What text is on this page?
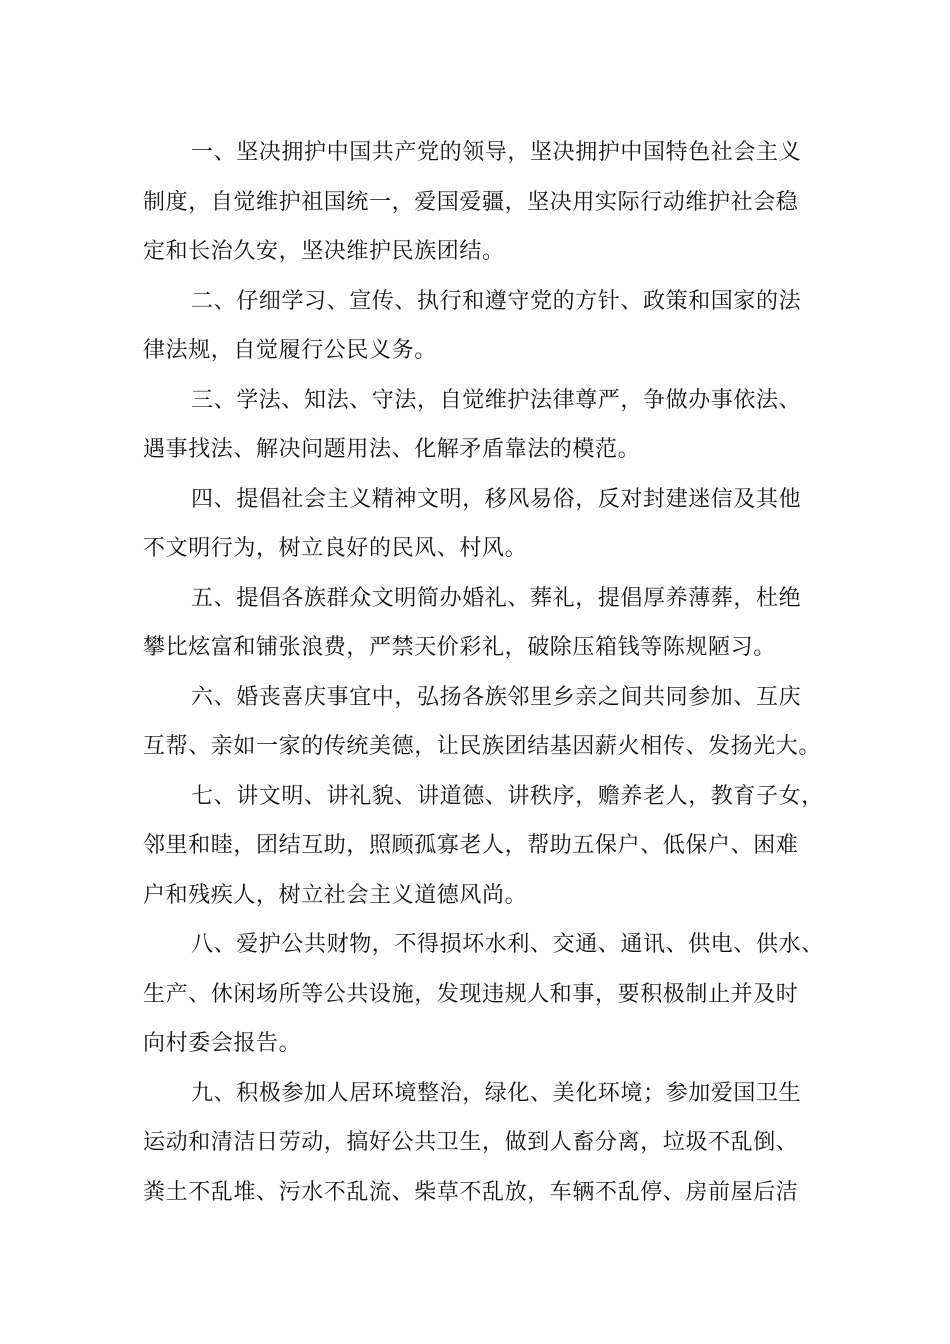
一、坚决拥护中国共产党的领导，坚决拥护中国特色社会主义
制度，自觉维护祖国统一，爱国爱疆，坚决用实际行动维护社会稳
定和长治久安，坚决维护民族团结。

二、仔细学习、宣传、执行和遵守党的方针、政策和国家的法
律法规，自觉履行公民义务。

三、学法、知法、守法，自觉维护法律尊严，争做办事依法、
遇事找法、解决问题用法、化解矛盾靠法的模范。

四、提倡社会主义精神文明，移风易俗，反对封建迷信及其他
不文明行为，树立良好的民风、村风。

五、提倡各族群众文明简办婚礼、葬礼，提倡厚养薄葬，杜绝
攀比炫富和铺张浪费，严禁天价彩礼，破除压箱钱等陈规陋习。

六、婚丧喜庆事宜中，弘扬各族邻里乡亲之间共同参加、互庆
互帮、亲如一家的传统美德，让民族团结基因薪火相传、发扬光大。

七、讲文明、讲礼貌、讲道德、讲秩序，赡养老人，教育子女，
邻里和睦，团结互助，照顾孤寡老人，帮助五保户、低保户、困难
户和残疾人，树立社会主义道德风尚。

八、爱护公共财物，不得损坏水利、交通、通讯、供电、供水、
生产、休闲场所等公共设施，发现违规人和事，要积极制止并及时
向村委会报告。

九、积极参加人居环境整治，绿化、美化环境；参加爱国卫生
运动和清洁日劳动，搞好公共卫生，做到人畜分离，垃圾不乱倒、
粪土不乱堆、污水不乱流、柴草不乱放，车辆不乱停、房前屋后洁
